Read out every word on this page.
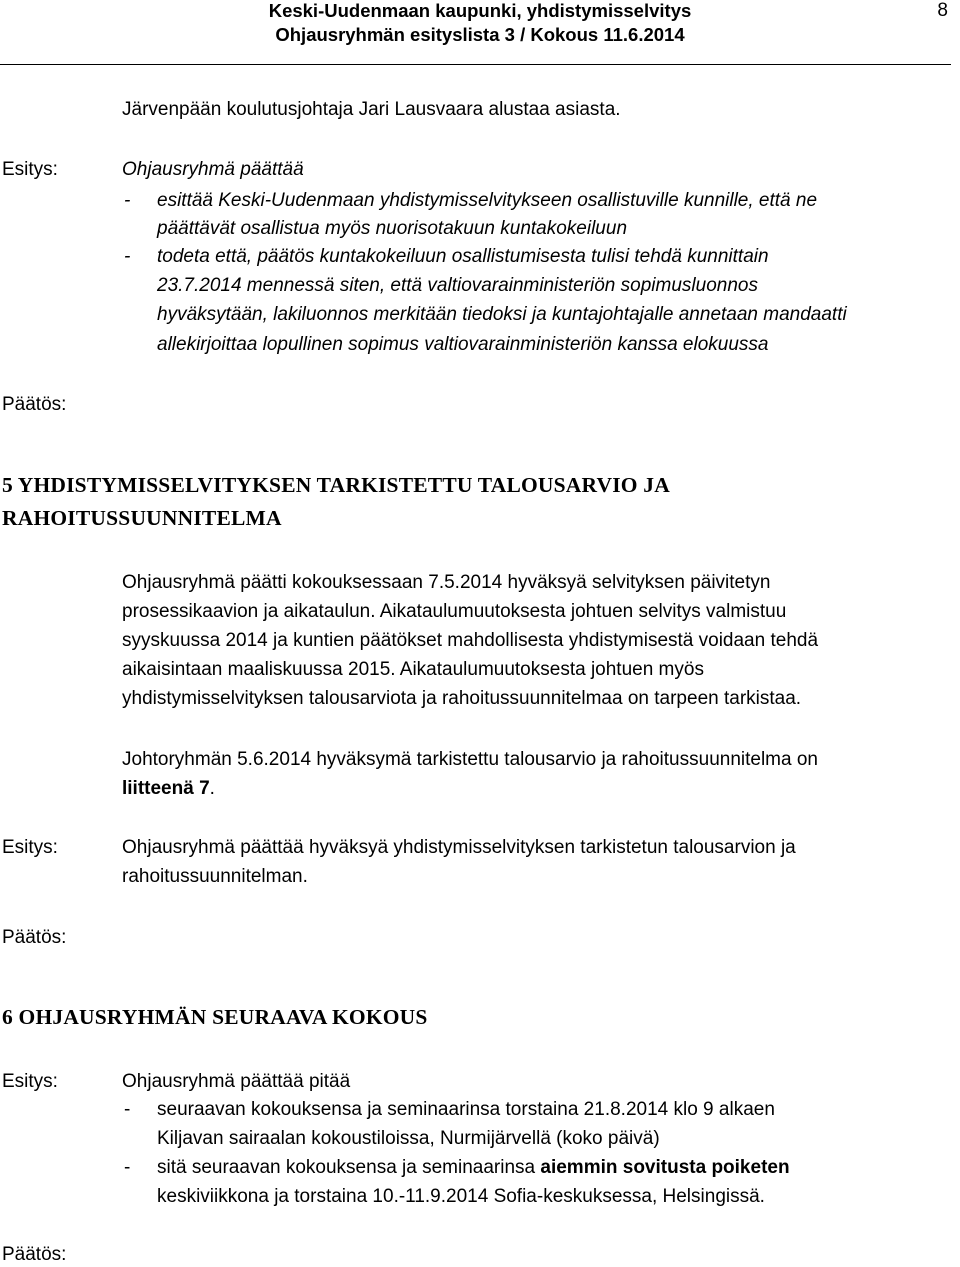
Keski-Uudenmaan kaupunki, yhdistymisselvitys
Ohjausryhmän esityslista 3 / Kokous 11.6.2014
8
Järvenpään koulutusjohtaja Jari Lausvaara alustaa asiasta.
Esitys:	Ohjausryhmä päättää
- esittää Keski-Uudenmaan yhdistymisselvitykseen osallistuville kunnille, että ne
päättävät osallistua myös nuorisotakuun kuntakokeiluun
- todeta että, päätös kuntakokeiluun osallistumisesta tulisi tehdä kunnittain
23.7.2014 mennessä siten, että valtiovarainministeriön sopimusluonnos
hyväksytään, lakiluonnos merkitään tiedoksi ja kuntajohtajalle annetaan mandaatti
allekirjoittaa lopullinen sopimus valtiovarainministeriön kanssa elokuussa
Päätös:
5 YHDISTYMISSELVITYKSEN TARKISTETTU TALOUSARVIO JA
RAHOITUSSUUNNITELMA
Ohjausryhmä päätti kokouksessaan 7.5.2014 hyväksyä selvityksen päivitetyn
prosessikaavion ja aikataulun. Aikataulumuutoksesta johtuen selvitys valmistuu
syyskuussa 2014 ja kuntien päätökset mahdollisesta yhdistymisestä voidaan tehdä
aikaisintaan maaliskuussa 2015. Aikataulumuutoksesta johtuen myös
yhdistymisselvityksen talousarviota ja rahoitussuunnitelmaa on tarpeen tarkistaa.
Johtoryhmän 5.6.2014 hyväksymä tarkistettu talousarvio ja rahoitussuunnitelma on
liitteenä 7.
Esitys:	Ohjausryhmä päättää hyväksyä yhdistymisselvityksen tarkistetun talousarvion ja
rahoitussuunnitelman.
Päätös:
6 OHJAUSRYHMÄN SEURAAVA KOKOUS
Esitys:	Ohjausryhmä päättää pitää
- seuraavan kokouksensa ja seminaarinsa torstaina 21.8.2014 klo 9 alkaen
Kiljavan sairaalan kokoustiloissa, Nurmijärvellä (koko päivä)
- sitä seuraavan kokouksensa ja seminaarinsa aiemmin sovitusta poiketen
keskiviikkona ja torstaina 10.-11.9.2014 Sofia-keskuksessa, Helsingissä.
Päätös:
